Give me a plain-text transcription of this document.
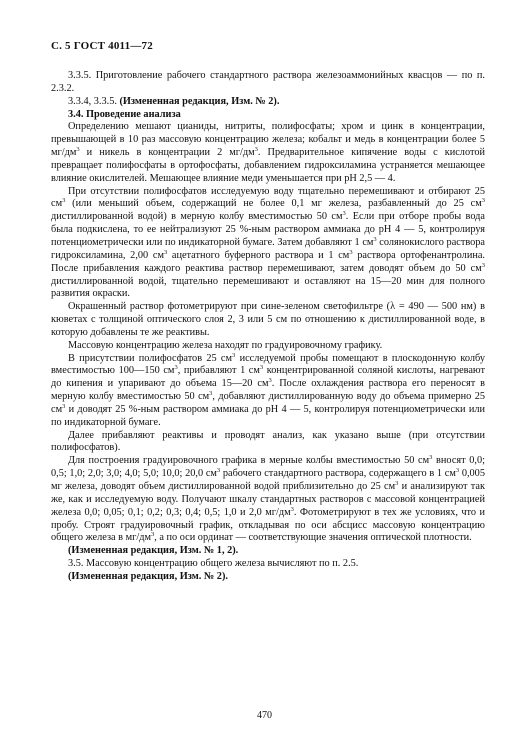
С. 5 ГОСТ 4011—72

3.3.5. Приготовление рабочего стандартного раствора железоаммонийных квасцов — по п. 2.3.2.

3.3.4, 3.3.5. (Измененная редакция, Изм. № 2).

3.4. Проведение анализа

Определению мешают цианиды, нитриты, полифосфаты; хром и цинк в концентрации, превышающей в 10 раз массовую концентрацию железа; кобальт и медь в концентрации более 5 $мг/дм^3$ и никель в концентрации 2 $мг/дм^3$. Предварительное кипячение воды с кислотой превращает полифосфаты в ортофосфаты, добавлением гидроксиламина устраняется мешающее влияние окислителей. Мешающее влияние меди уменьшается при рН 2,5 — 4.

При отсутствии полифосфатов исследуемую воду тщательно перемешивают и отбирают 25 $см^3$ (или меньший объем, содержащий не более 0,1 мг железа, разбавленный до 25 $см^3$ дистиллированной водой) в мерную колбу вместимостью 50 $см^3$. Если при отборе пробы вода была подкислена, то ее нейтрализуют 25 %-ным раствором аммиака до рН 4 — 5, контролируя потенциометрически или по индикаторной бумаге. Затем добавляют 1 $см^3$ солянокислого раствора гидроксиламина, 2,00 $см^3$ ацетатного буферного раствора и 1 $см^3$ раствора ортофенантролина. После прибавления каждого реактива раствор перемешивают, затем доводят объем до 50 $см^3$ дистиллированной водой, тщательно перемешивают и оставляют на 15—20 мин для полного развития окраски.

Окрашенный раствор фотометрируют при сине-зеленом светофильтре (λ = 490 — 500 нм) в кюветах с толщиной оптического слоя 2, 3 или 5 см по отношению к дистиллированной воде, в которую добавлены те же реактивы.

Массовую концентрацию железа находят по градуировочному графику.

В присутствии полифосфатов 25 $см^3$ исследуемой пробы помещают в плоскодонную колбу вместимостью 100—150 $см^3$, прибавляют 1 $см^3$ концентрированной соляной кислоты, нагревают до кипения и упаривают до объема 15—20 $см^3$. После охлаждения раствора его переносят в мерную колбу вместимостью 50 $см^3$, добавляют дистиллированную воду до объема примерно 25 $см^3$ и доводят 25 %-ным раствором аммиака до рН 4 — 5, контролируя потенциометрически или по индикаторной бумаге.

Далее прибавляют реактивы и проводят анализ, как указано выше (при отсутствии полифосфатов).

Для построения градуировочного графика в мерные колбы вместимостью 50 $см^3$ вносят 0,0; 0,5; 1,0; 2,0; 3,0; 4,0; 5,0; 10,0; 20,0 $см^3$ рабочего стандартного раствора, содержащего в 1 $см^3$ 0,005 мг железа, доводят объем дистиллированной водой приблизительно до 25 $см^3$ и анализируют так же, как и исследуемую воду. Получают шкалу стандартных растворов с массовой концентрацией железа 0,0; 0,05; 0,1; 0,2; 0,3; 0,4; 0,5; 1,0 и 2,0 $мг/дм^3$. Фотометрируют в тех же условиях, что и пробу. Строят градуировочный график, откладывая по оси абсцисс массовую концентрацию общего железа в $мг/дм^3$, а по оси ординат — соответствующие значения оптической плотности.

(Измененная редакция, Изм. № 1, 2).

3.5. Массовую концентрацию общего железа вычисляют по п. 2.5.

(Измененная редакция, Изм. № 2).

470
